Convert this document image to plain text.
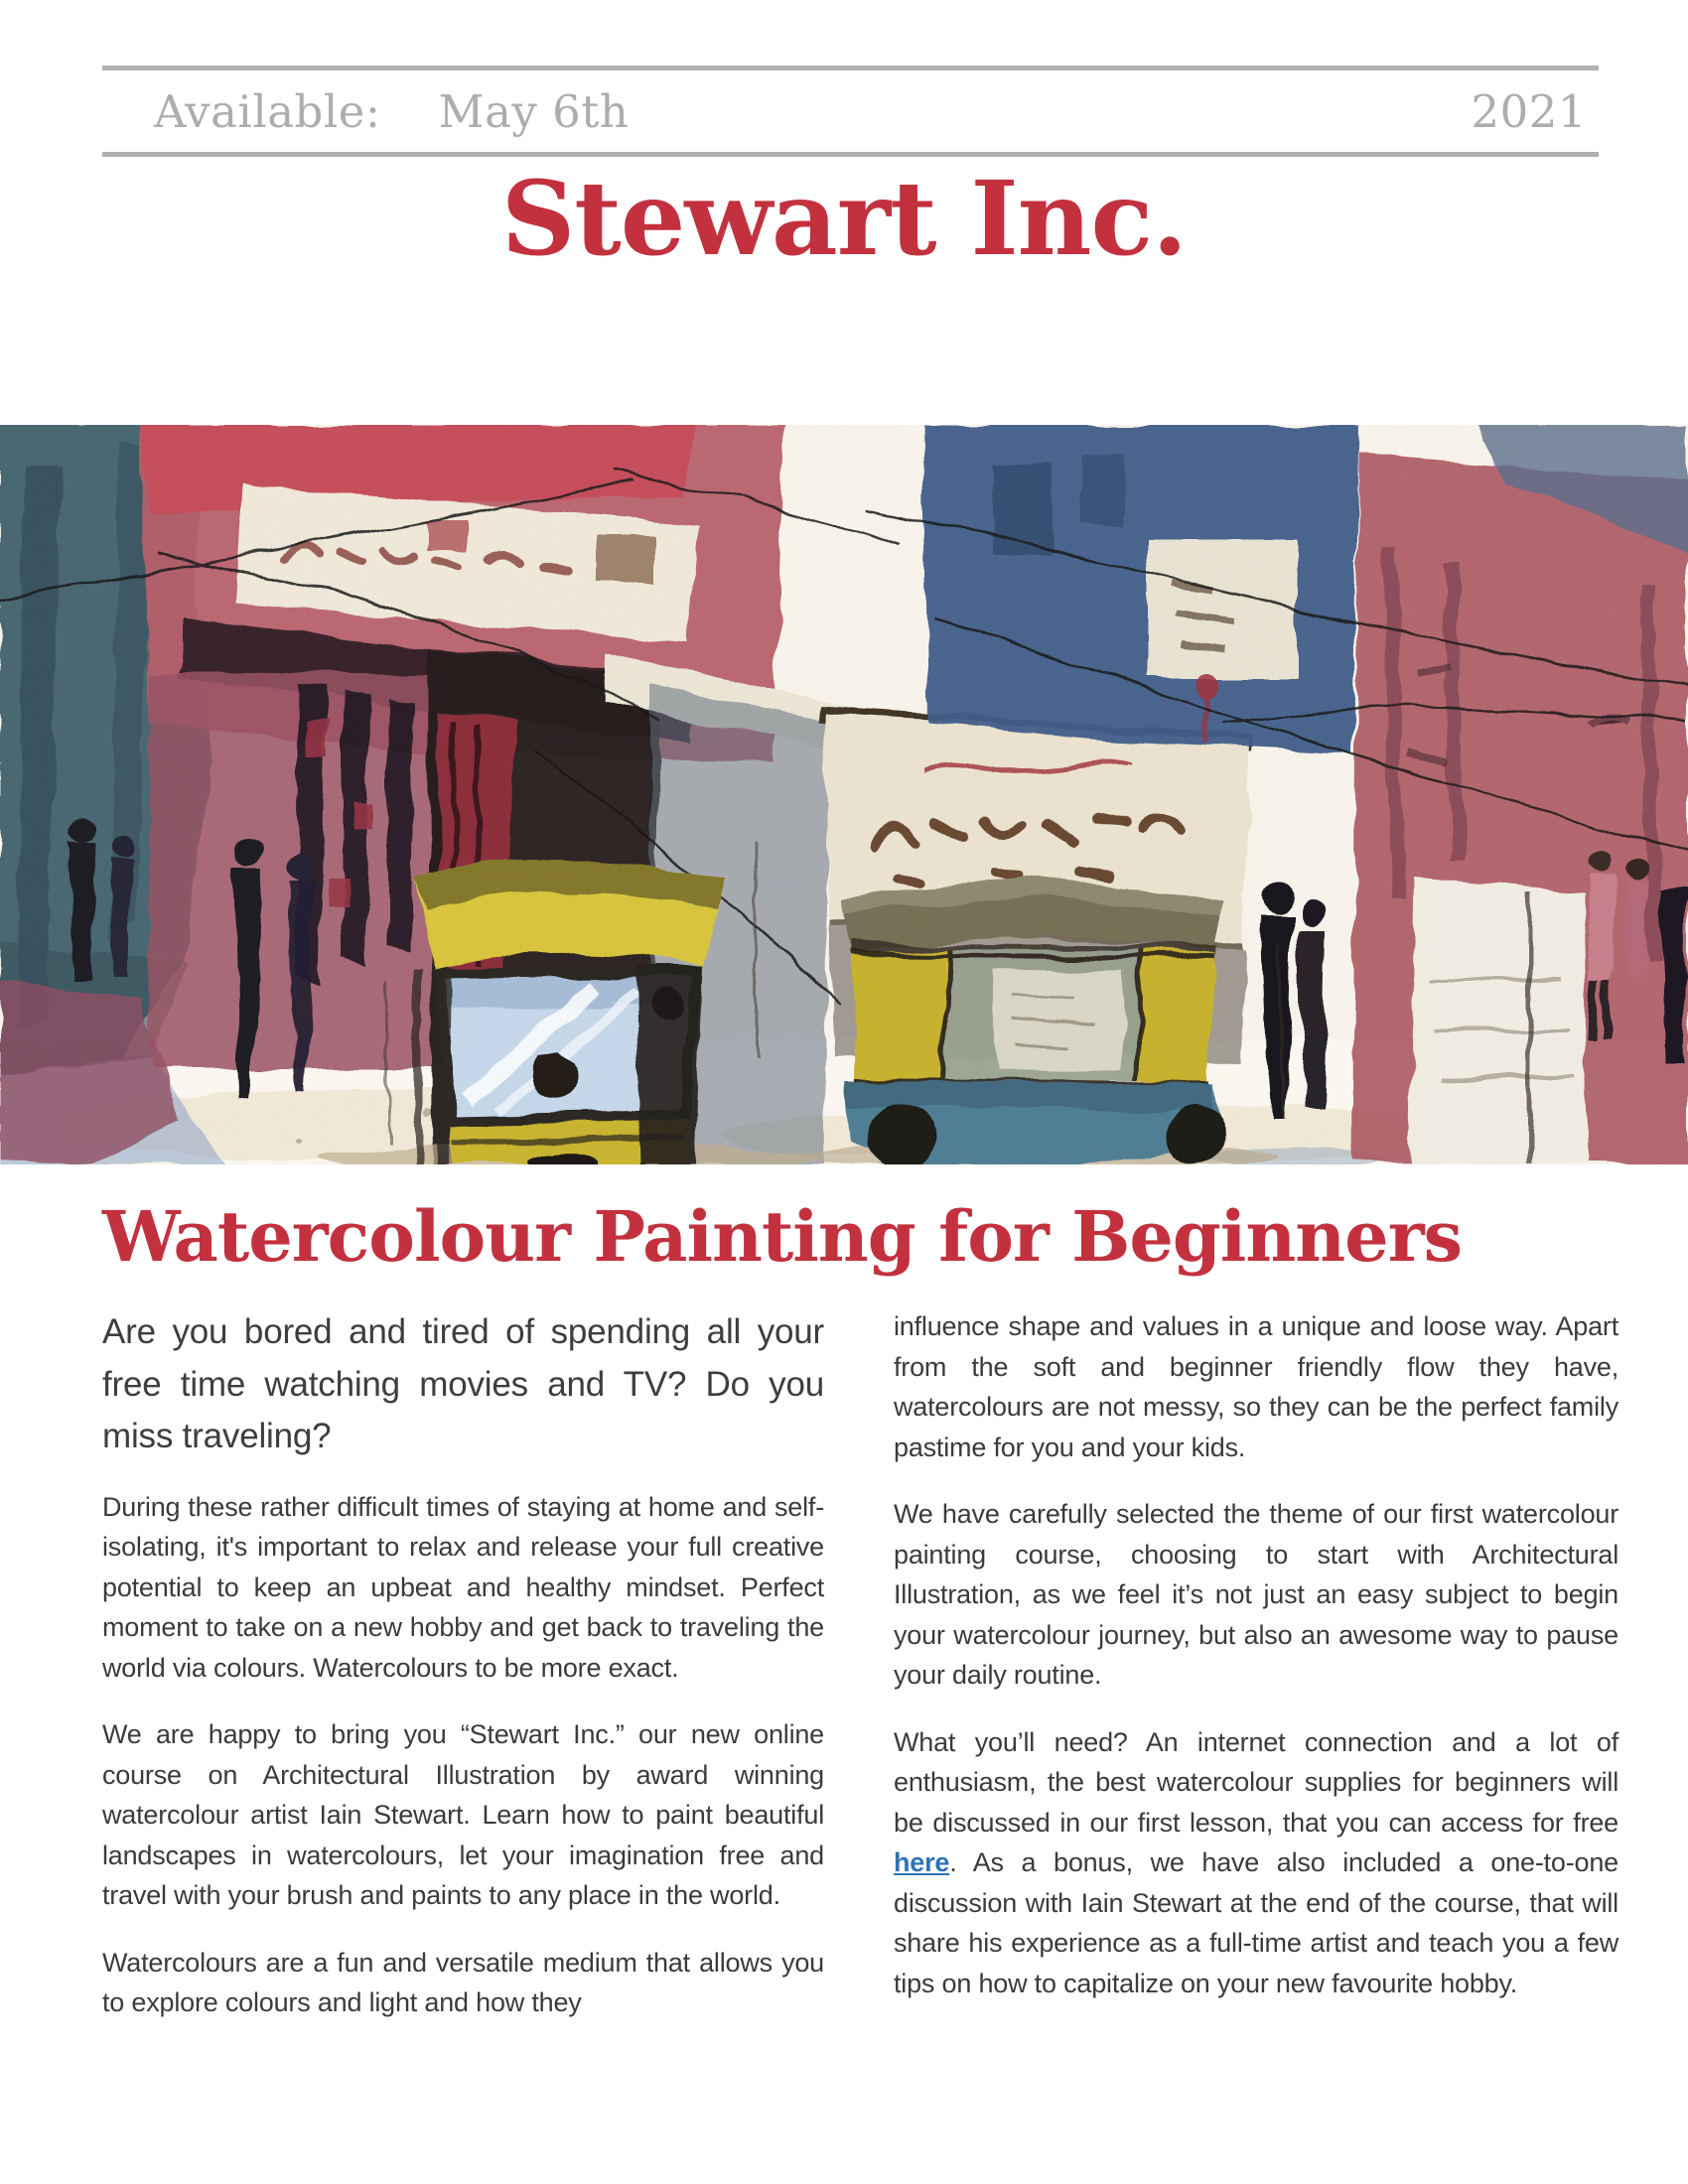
Available: May 6th	2021
Stewart Inc.
Watercolour Painting for Beginners

Are you bored and tired of spending all your free time watching movies and TV? Do you miss traveling?

During these rather difficult times of staying at home and self-isolating, it's important to relax and release your full creative potential to keep an upbeat and healthy mindset. Perfect moment to take on a new hobby and get back to traveling the world via colours. Watercolours to be more exact.

We are happy to bring you “Stewart Inc.” our new online course on Architectural Illustration by award winning watercolour artist Iain Stewart. Learn how to paint beautiful landscapes in watercolours, let your imagination free and travel with your brush and paints to any place in the world.

Watercolours are a fun and versatile medium that allows you to explore colours and light and how they

influence shape and values in a unique and loose way. Apart from the soft and beginner friendly flow they have, watercolours are not messy, so they can be the perfect family pastime for you and your kids.

We have carefully selected the theme of our first watercolour painting course, choosing to start with Architectural Illustration, as we feel it’s not just an easy subject to begin your watercolour journey, but also an awesome way to pause your daily routine.

What you’ll need? An internet connection and a lot of enthusiasm, the best watercolour supplies for beginners will be discussed in our first lesson, that you can access for free here. As a bonus, we have also included a one-to-one discussion with Iain Stewart at the end of the course, that will share his experience as a full-time artist and teach you a few tips on how to capitalize on your new favourite hobby.
